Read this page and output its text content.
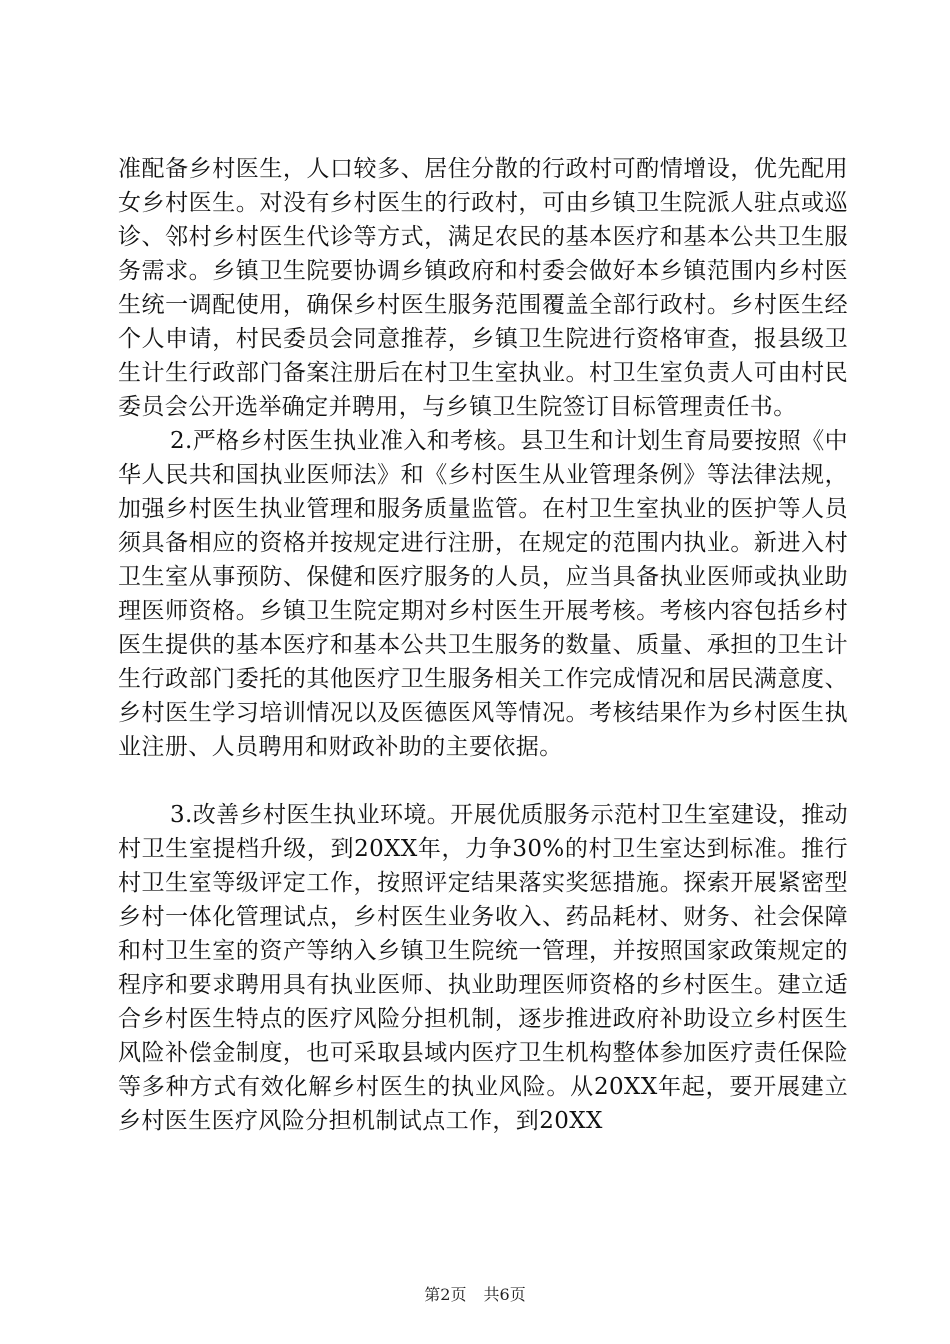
准配备乡村医生，人口较多、居住分散的行政村可酌情增设，优先配用女乡村医生。对没有乡村医生的行政村，可由乡镇卫生院派人驻点或巡诊、邻村乡村医生代诊等方式，满足农民的基本医疗和基本公共卫生服务需求。乡镇卫生院要协调乡镇政府和村委会做好本乡镇范围内乡村医生统一调配使用，确保乡村医生服务范围覆盖全部行政村。乡村医生经个人申请，村民委员会同意推荐，乡镇卫生院进行资格审查，报县级卫生计生行政部门备案注册后在村卫生室执业。村卫生室负责人可由村民委员会公开选举确定并聘用，与乡镇卫生院签订目标管理责任书。

2.严格乡村医生执业准入和考核。县卫生和计划生育局要按照《中华人民共和国执业医师法》和《乡村医生从业管理条例》等法律法规，加强乡村医生执业管理和服务质量监管。在村卫生室执业的医护等人员须具备相应的资格并按规定进行注册，在规定的范围内执业。新进入村卫生室从事预防、保健和医疗服务的人员，应当具备执业医师或执业助理医师资格。乡镇卫生院定期对乡村医生开展考核。考核内容包括乡村医生提供的基本医疗和基本公共卫生服务的数量、质量、承担的卫生计生行政部门委托的其他医疗卫生服务相关工作完成情况和居民满意度、乡村医生学习培训情况以及医德医风等情况。考核结果作为乡村医生执业注册、人员聘用和财政补助的主要依据。

3.改善乡村医生执业环境。开展优质服务示范村卫生室建设，推动村卫生室提档升级，到20XX年，力争30%的村卫生室达到标准。推行村卫生室等级评定工作，按照评定结果落实奖惩措施。探索开展紧密型乡村一体化管理试点，乡村医生业务收入、药品耗材、财务、社会保障和村卫生室的资产等纳入乡镇卫生院统一管理，并按照国家政策规定的程序和要求聘用具有执业医师、执业助理医师资格的乡村医生。建立适合乡村医生特点的医疗风险分担机制，逐步推进政府补助设立乡村医生风险补偿金制度，也可采取县域内医疗卫生机构整体参加医疗责任保险等多种方式有效化解乡村医生的执业风险。从20XX年起，要开展建立乡村医生医疗风险分担机制试点工作，到20XX

第2页 共6页
